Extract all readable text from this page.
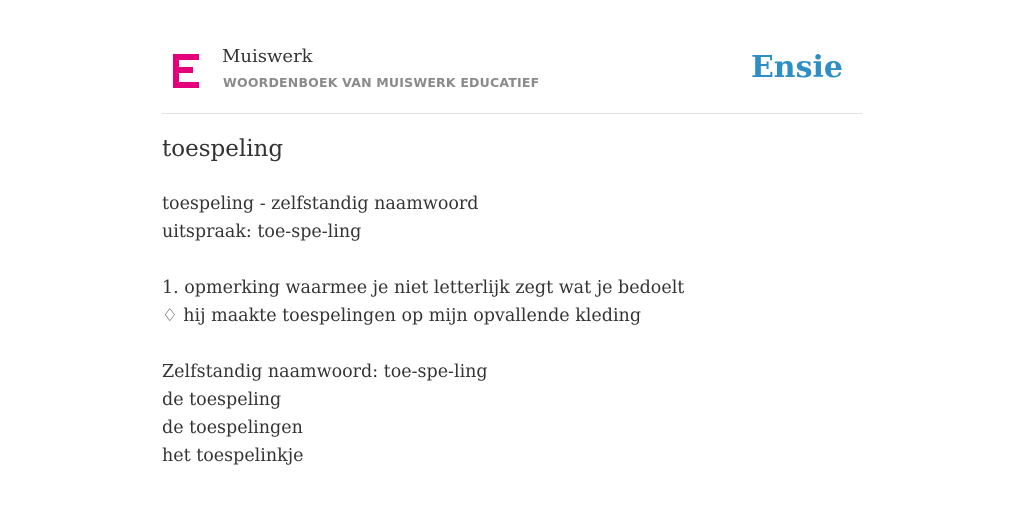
Muiswerk
WOORDENBOEK VAN MUISWERK EDUCATIEF	Ensie
toespeling
toespeling - zelfstandig naamwoord
uitspraak: toe-spe-ling
1. opmerking waarmee je niet letterlijk zegt wat je bedoelt
♢ hij maakte toespelingen op mijn opvallende kleding
Zelfstandig naamwoord: toe-spe-ling
de toespeling
de toespelingen
het toespelinkje
